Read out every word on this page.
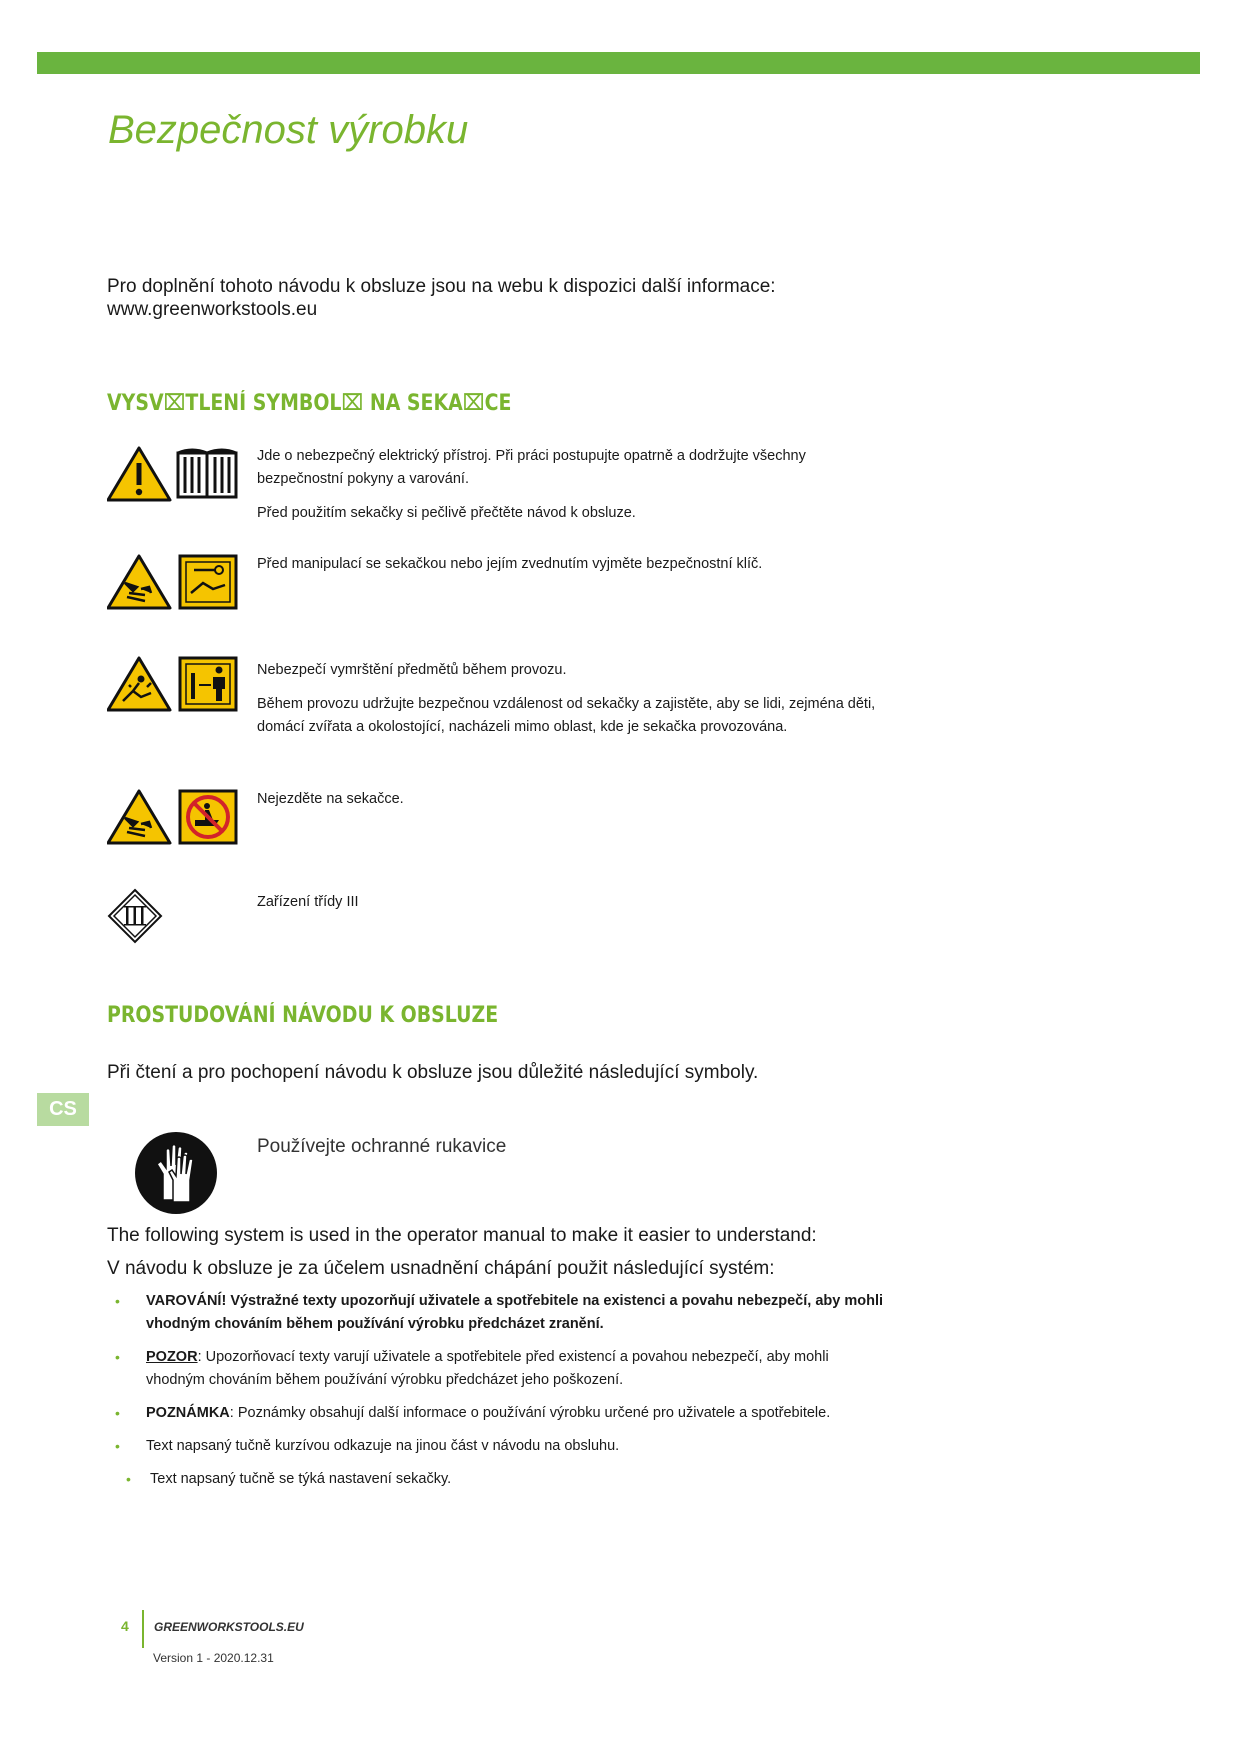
Bezpečnost výrobku
Pro doplnění tohoto návodu k obsluze jsou na webu k dispozici další informace:
www.greenworkstools.eu
VYSV⌧TLENÍ SYMBOL⌧ NA SEKA⌧CE

Jde o nebezpečný elektrický přístroj. Při práci postupujte opatrně a dodržujte všechny bezpečnostní pokyny a varování.

Před použitím sekačky si pečlivě přečtěte návod k obsluze.

Před manipulací se sekačkou nebo jejím zvednutím vyjměte bezpečnostní klíč.

Nebezpečí vymrštění předmětů během provozu.

Během provozu udržujte bezpečnou vzdálenost od sekačky a zajistěte, aby se lidi, zejména děti, domácí zvířata a okolostojící, nacházeli mimo oblast, kde je sekačka provozována.

Nejezděte na sekačce.

Zařízení třídy III

PROSTUDOVÁNÍ NÁVODU K OBSLUZE
Při čtení a pro pochopení návodu k obsluze jsou důležité následující symboly.
CS
Používejte ochranné rukavice
The following system is used in the operator manual to make it easier to understand:
V návodu k obsluze je za účelem usnadnění chápání použit následující systém:
• VAROVÁNÍ! Výstražné texty upozorňují uživatele a spotřebitele na existenci a povahu nebezpečí, aby mohli vhodným chováním během používání výrobku předcházet zranění.
• POZOR: Upozorňovací texty varují uživatele a spotřebitele před existencí a povahou nebezpečí, aby mohli vhodným chováním během používání výrobku předcházet jeho poškození.
• POZNÁMKA: Poznámky obsahují další informace o používání výrobku určené pro uživatele a spotřebitele.
• Text napsaný tučně kurzívou odkazuje na jinou část v návodu na obsluhu.
• Text napsaný tučně se týká nastavení sekačky.
4 GREENWORKSTOOLS.EU
Version 1 - 2020.12.31
